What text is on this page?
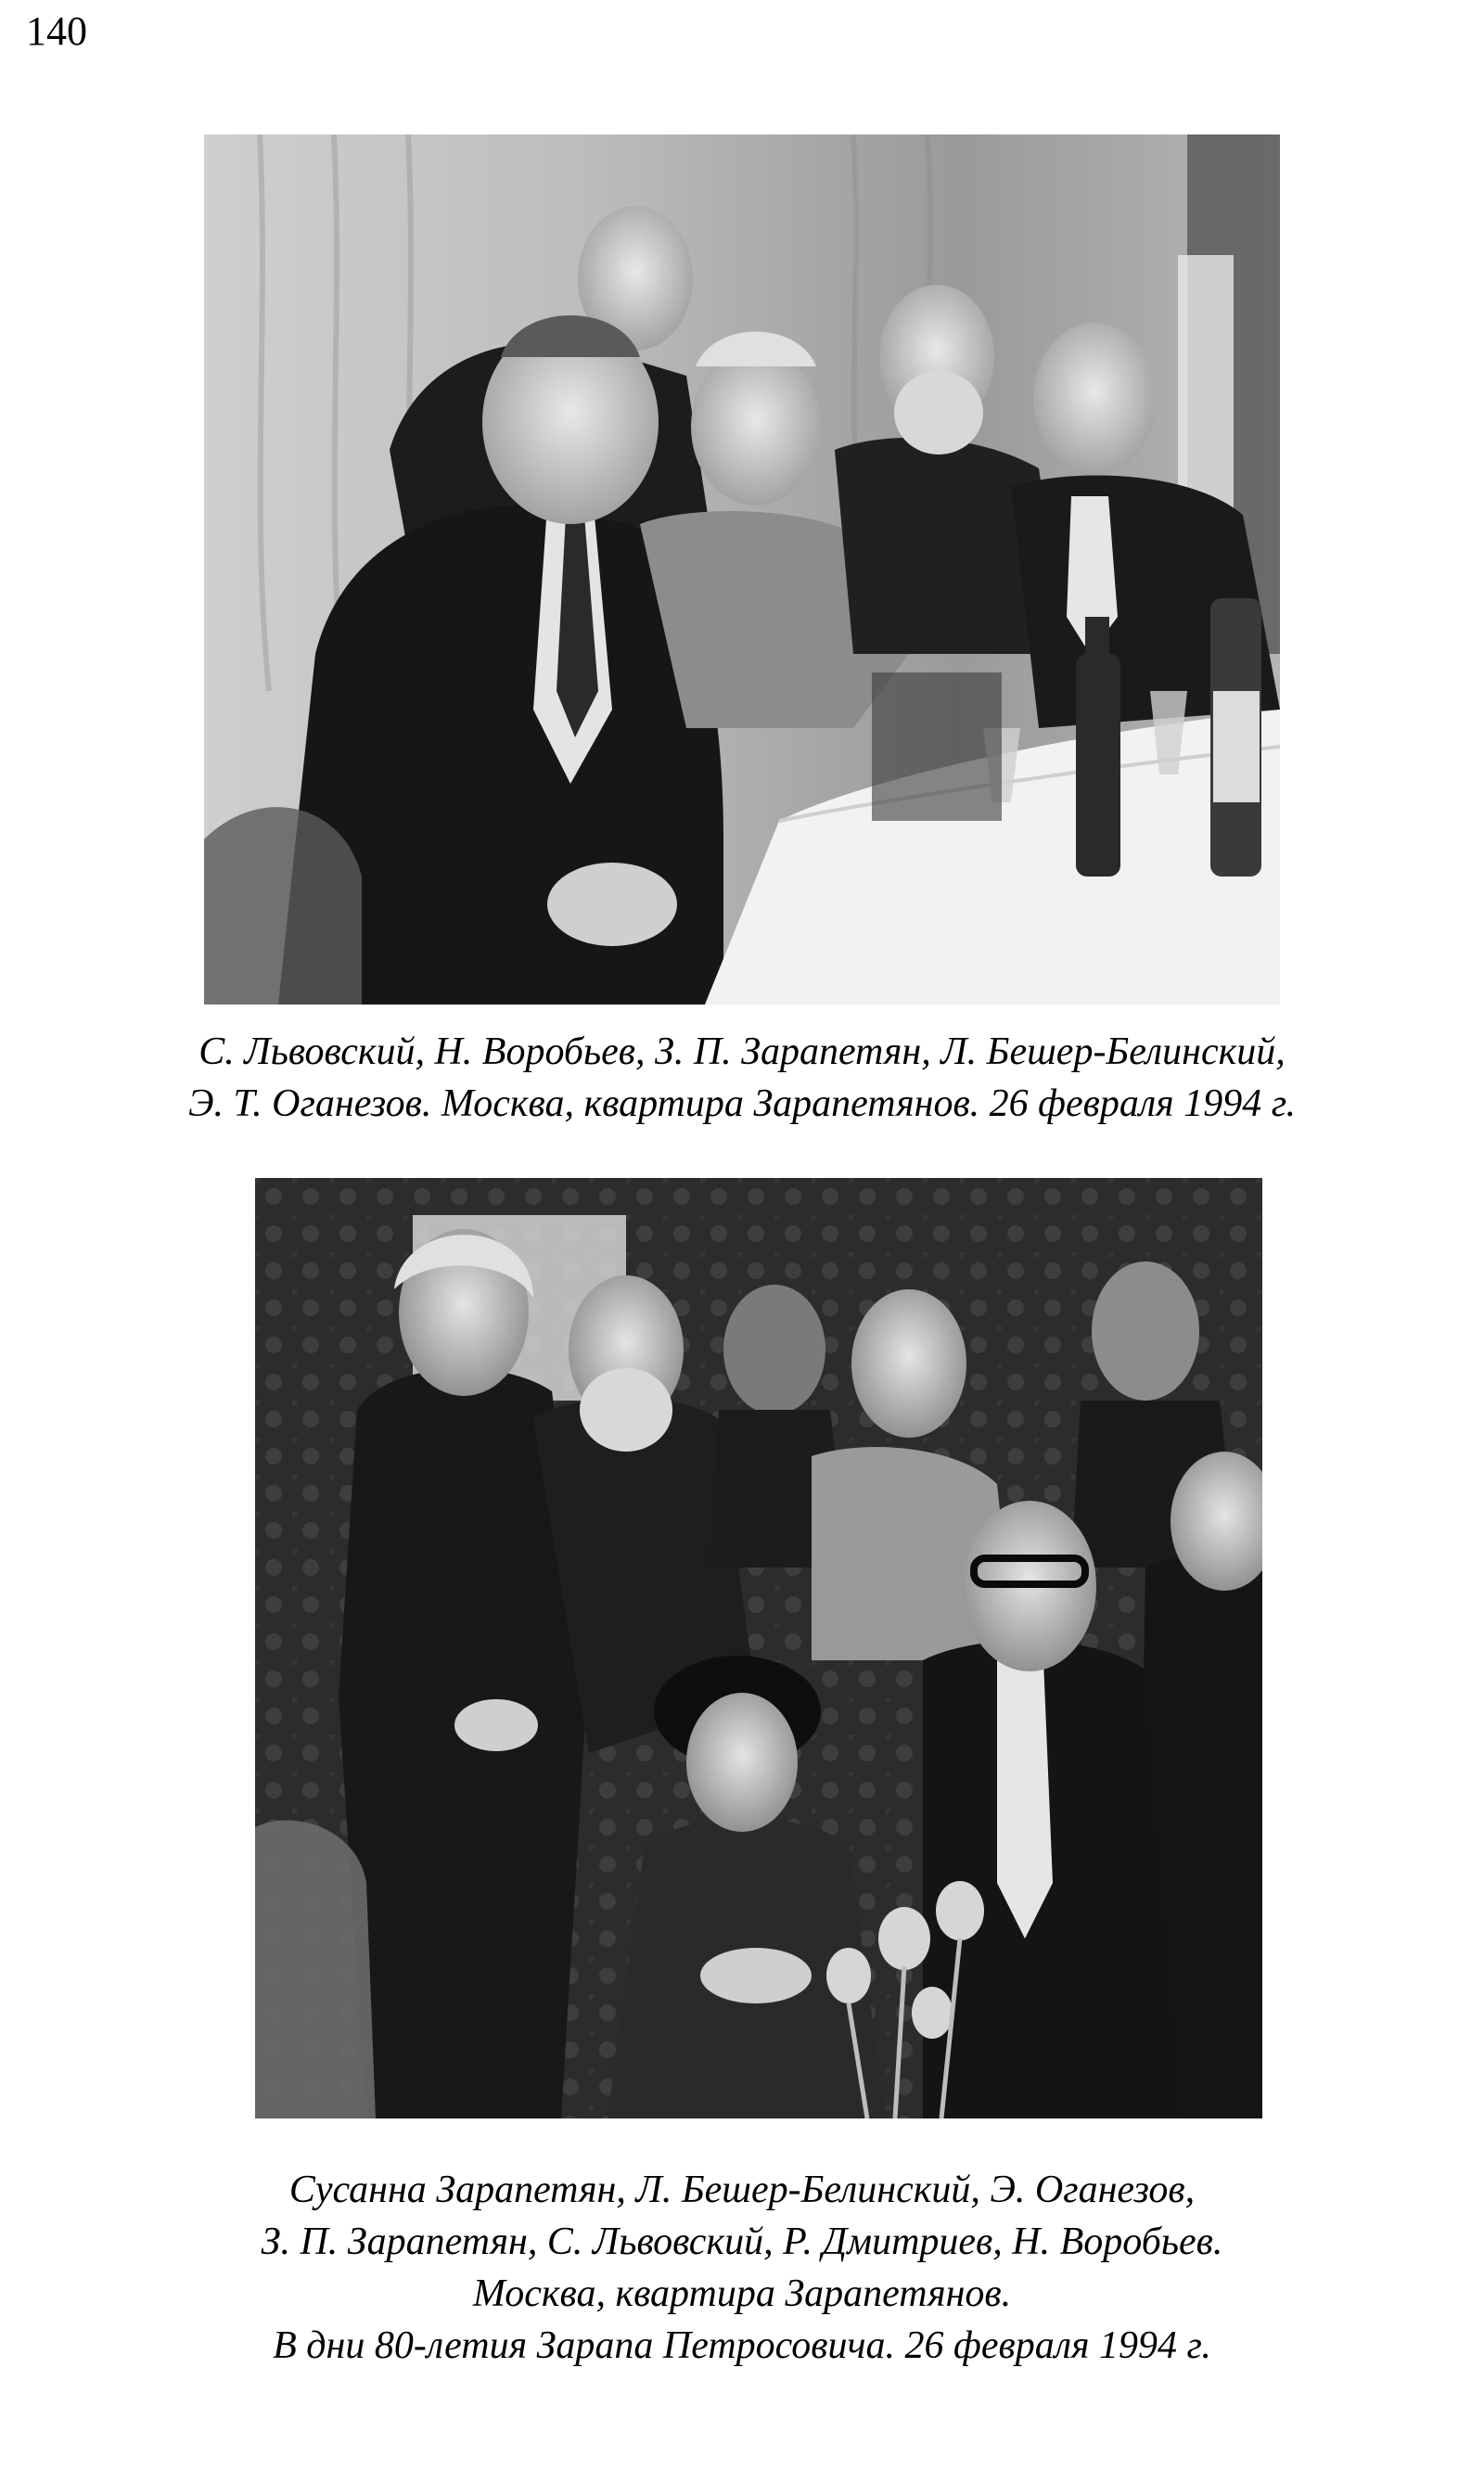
140
С. Львовский, Н. Воробьев, З. П. Зарапетян, Л. Бешер-Белинский,
Э. Т. Оганезов. Москва, квартира Зарапетянов. 26 февраля 1994 г.
Сусанна Зарапетян, Л. Бешер-Белинский, Э. Оганезов,
З. П. Зарапетян, С. Львовский, Р. Дмитриев, Н. Воробьев.
Москва, квартира Зарапетянов.
В дни 80-летия Зарапа Петросовича. 26 февраля 1994 г.
